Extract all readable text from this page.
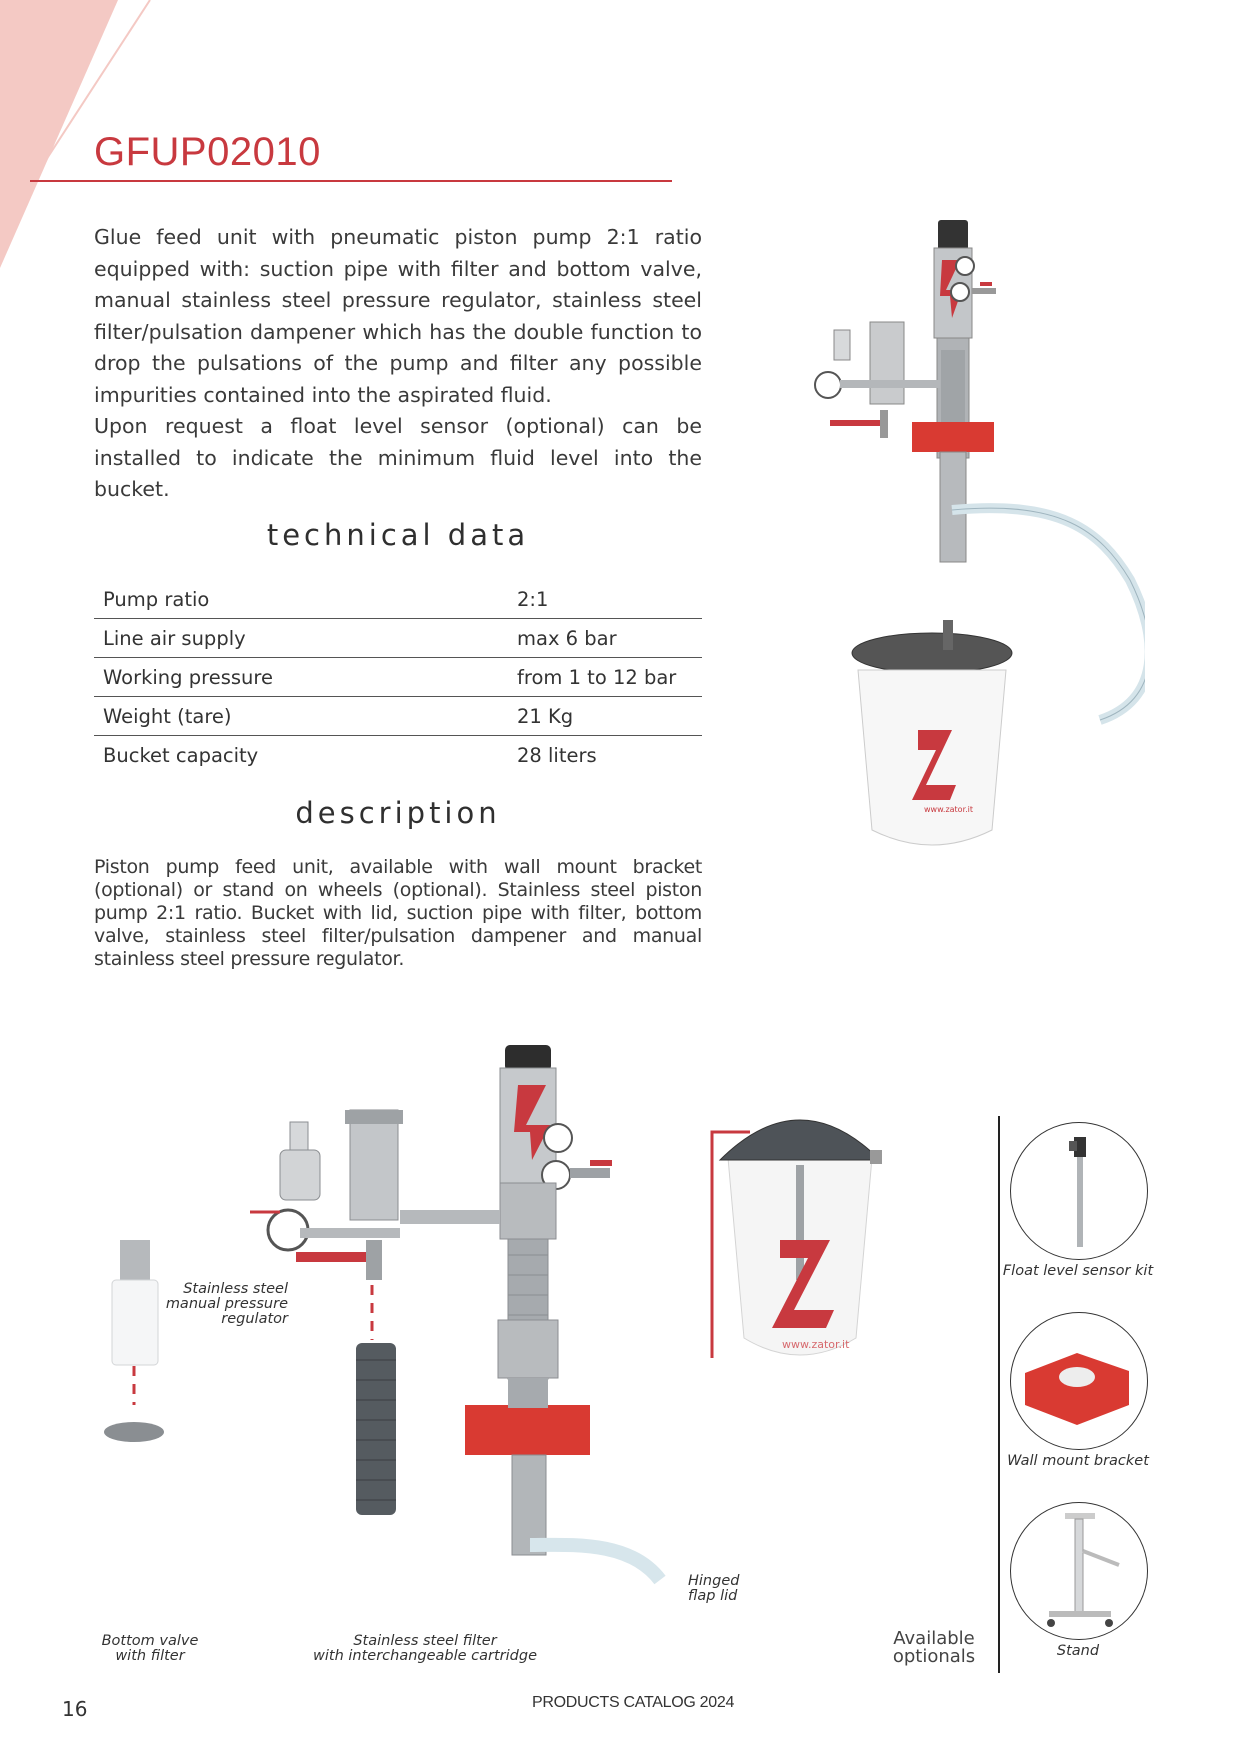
GFUP02010

Glue feed unit with pneumatic piston pump 2:1 ratio equipped with: suction pipe with filter and bottom valve, manual stainless steel pressure regulator, stainless steel filter/pulsation dampener which has the double function to drop the pulsations of the pump and filter any possible impurities contained into the aspirated fluid.

Upon request a float level sensor (optional) can be installed to indicate the minimum fluid level into the bucket.

technical data
Pump ratio	2:1
Line air supply	max 6 bar
Working pressure	from 1 to 12 bar
Weight (tare)	21 Kg
Bucket capacity	28 liters
description
Piston pump feed unit, available with wall mount bracket (optional) or stand on wheels (optional). Stainless steel piston pump 2:1 ratio. Bucket with lid, suction pipe with filter, bottom valve, stainless steel filter/pulsation dampener and manual stainless steel pressure regulator.
www.zator.it
www.zator.it
Stainless steel
manual pressure
regulator
Bottom valve
with filter
Stainless steel filter
with interchangeable cartridge
Hinged
flap lid
Available
optionals
Float level sensor kit
Wall mount bracket
Stand
16	PRODUCTS CATALOG 2024
